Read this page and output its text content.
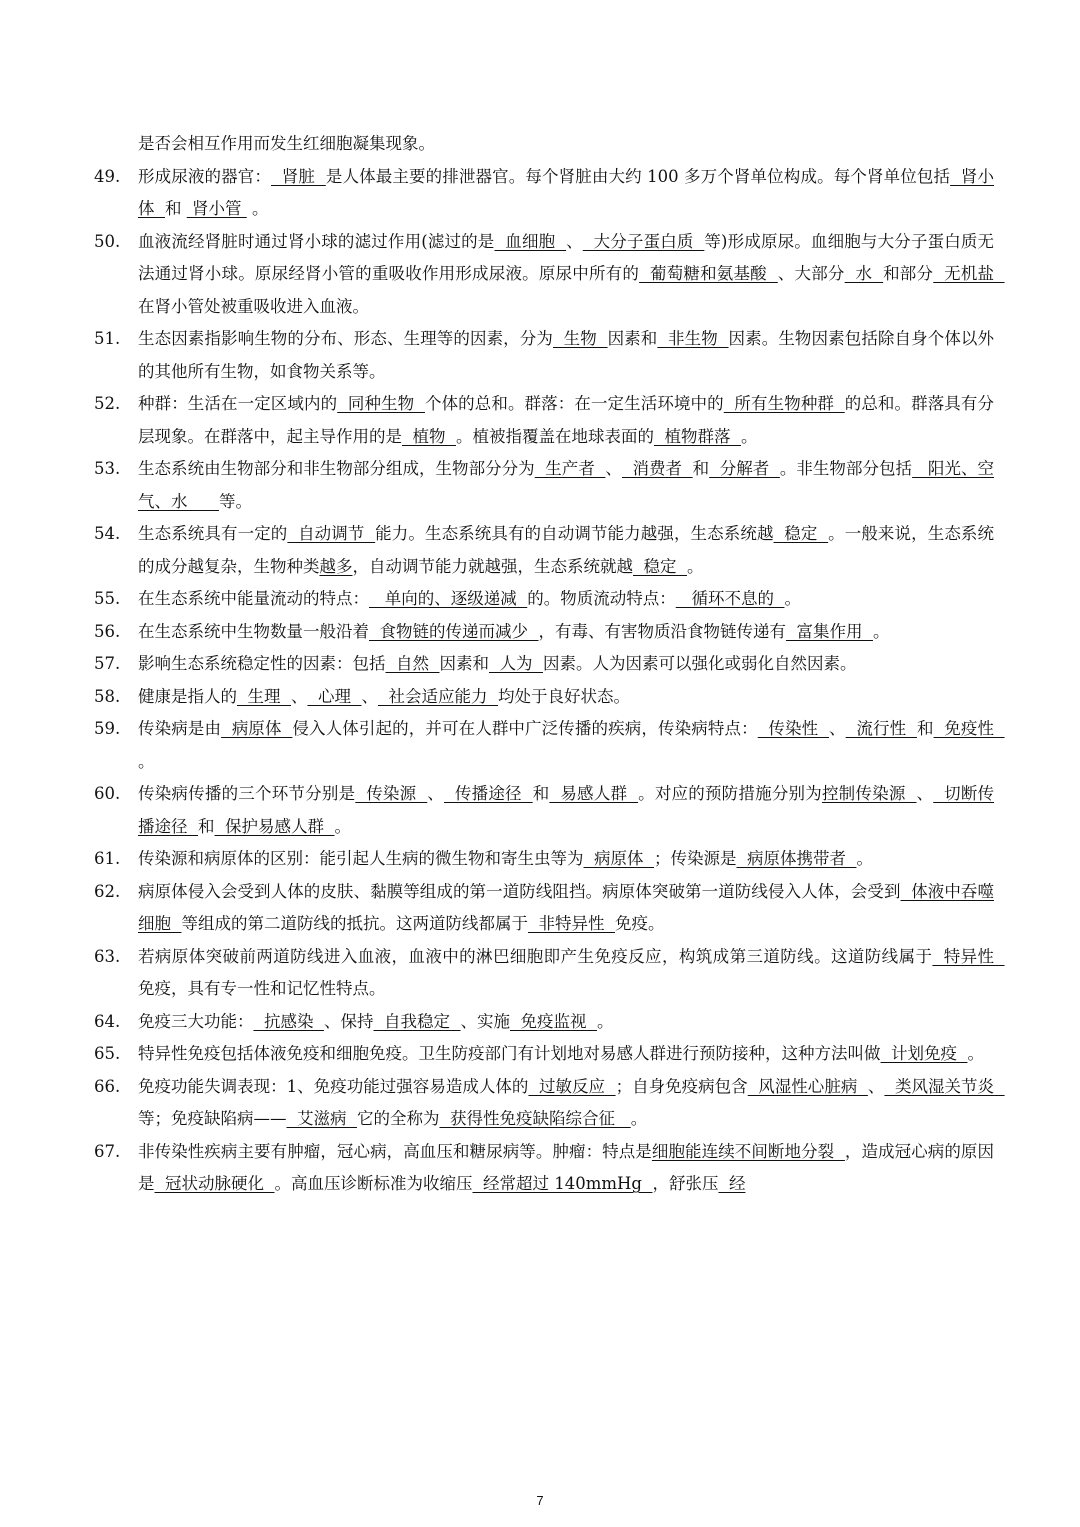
是否会相互作用而发生红细胞凝集现象。
49. 形成尿液的器官：  肾脏  是人体最主要的排泄器官。每个肾脏由大约 100 多万个肾单位构成。每个肾单位包括  肾小体  和  肾小管  。
50. 血液流经肾脏时通过肾小球的滤过作用(滤过的是  血细胞  、  大分子蛋白质  等)形成原尿。血细胞与大分子蛋白质无法通过肾小球。原尿经肾小管的重吸收作用形成尿液。原尿中所有的  葡萄糖和氨基酸  、大部分  水  和部分  无机盐  在肾小管处被重吸收进入血液。
51. 生态因素指影响生物的分布、形态、生理等的因素，分为  生物  因素和  非生物  因素。生物因素包括除自身个体以外的其他所有生物，如食物关系等。
52. 种群：生活在一定区域内的  同种生物  个体的总和。群落：在一定生活环境中的  所有生物种群  的总和。群落具有分层现象。在群落中，起主导作用的是  植物  。植被指覆盖在地球表面的  植物群落  。
53. 生态系统由生物部分和非生物部分组成，生物部分分为  生产者  、  消费者  和  分解者  。非生物部分包括   阳光、空气、水      等。
54. 生态系统具有一定的  自动调节  能力。生态系统具有的自动调节能力越强，生态系统越  稳定  。一般来说，生态系统的成分越复杂，生物种类越多，自动调节能力就越强，生态系统就越  稳定  。
55. 在生态系统中能量流动的特点：   单向的、逐级递减  的。物质流动特点：   循环不息的  。
56. 在生态系统中生物数量一般沿着  食物链的传递而减少  ，有毒、有害物质沿食物链传递有  富集作用  。
57. 影响生态系统稳定性的因素：包括  自然  因素和  人为  因素。人为因素可以强化或弱化自然因素。
58. 健康是指人的  生理  、  心理  、  社会适应能力  均处于良好状态。
59. 传染病是由  病原体  侵入人体引起的，并可在人群中广泛传播的疾病，传染病特点：  传染性  、  流行性  和  免疫性  。
60. 传染病传播的三个环节分别是  传染源  、  传播途径  和  易感人群  。对应的预防措施分别为控制传染源  、  切断传播途径  和  保护易感人群  。
61. 传染源和病原体的区别：能引起人生病的微生物和寄生虫等为  病原体  ；传染源是  病原体携带者  。
62. 病原体侵入会受到人体的皮肤、黏膜等组成的第一道防线阻挡。病原体突破第一道防线侵入人体，会受到  体液中吞噬细胞  等组成的第二道防线的抵抗。这两道防线都属于  非特异性  免疫。
63. 若病原体突破前两道防线进入血液，血液中的淋巴细胞即产生免疫反应，构筑成第三道防线。这道防线属于  特异性  免疫，具有专一性和记忆性特点。
64. 免疫三大功能：  抗感染  、保持  自我稳定  、实施  免疫监视  。
65. 特异性免疫包括体液免疫和细胞免疫。卫生防疫部门有计划地对易感人群进行预防接种，这种方法叫做  计划免疫  。
66. 免疫功能失调表现：1、免疫功能过强容易造成人体的  过敏反应  ；自身免疫病包含  风湿性心脏病  、  类风湿关节炎  等；免疫缺陷病——  艾滋病  它的全称为  获得性免疫缺陷综合征   。
67. 非传染性疾病主要有肿瘤，冠心病，高血压和糖尿病等。肿瘤：特点是细胞能连续不间断地分裂  ，造成冠心病的原因是  冠状动脉硬化  。高血压诊断标准为收缩压  经常超过 140mmHg  ，舒张压  经
7
